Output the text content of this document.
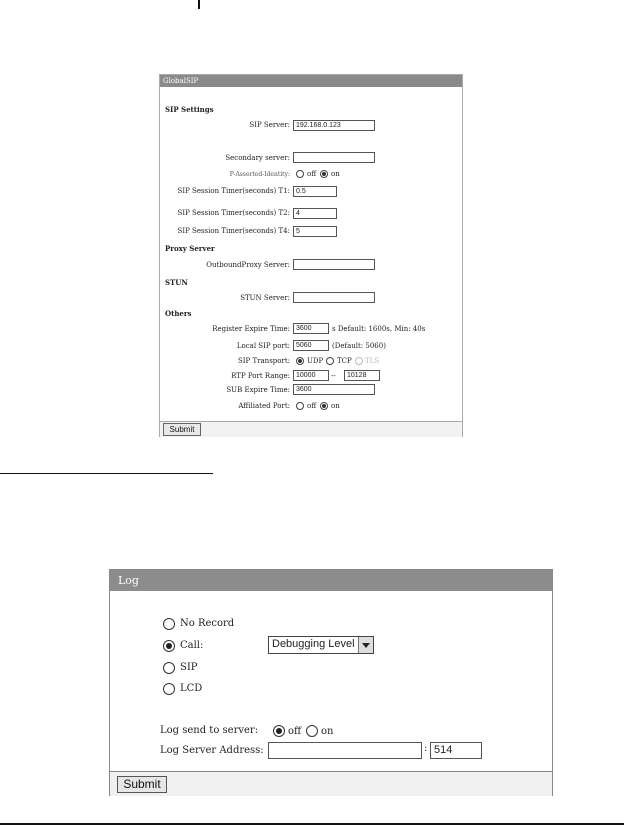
GlobalSIP
SIP Settings
SIP Server: 192.168.0.123
Secondary server:
P-Asserted-Identity: off on
SIP Session Timer(seconds) T1: 0.5
SIP Session Timer(seconds) T2: 4
SIP Session Timer(seconds) T4: 5
Proxy Server
OutboundProxy Server:
STUN
STUN Server:
Others
Register Expire Time: 3600	s Default: 1600s, Min: 40s
Local SIP port: 5060	(Default: 5060)
SIP Transport: UDP TCP TLS
RTP Port Range: 10000	--	10128
SUB Expire Time: 3600
Affiliated Port: off on
Submit
Log
No Record
Call:	Debugging Level
SIP
LCD
Log send to server:	off on
Log Server Address:	: 514
Submit
